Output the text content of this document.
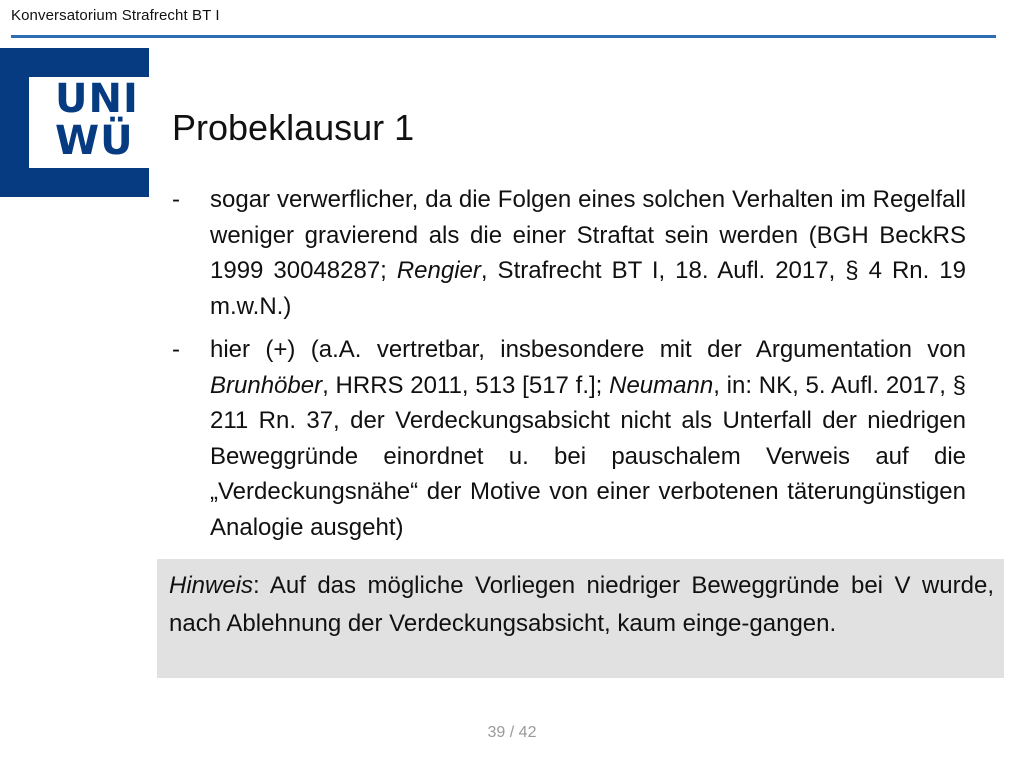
Konversatorium Strafrecht BT I
UNI
WÜ Probeklausur 1
- sogar verwerflicher, da die Folgen eines solchen Verhalten im Regelfall weniger gravierend als die einer Straftat sein werden (BGH BeckRS 1999 30048287; Rengier, Strafrecht BT I, 18. Aufl. 2017, § 4 Rn. 19 m.w.N.)
- hier (+) (a.A. vertretbar, insbesondere mit der Argumentation von Brunhöber, HRRS 2011, 513 [517 f.]; Neumann, in: NK, 5. Aufl. 2017, § 211 Rn. 37, der Verdeckungsabsicht nicht als Unterfall der niedrigen Beweggründe einordnet u. bei pauschalem Verweis auf die „Verdeckungsnähe“ der Motive von einer verbotenen täterungünstigen Analogie ausgeht)
Hinweis: Auf das mögliche Vorliegen niedriger Beweggründe bei V wurde, nach Ablehnung der Verdeckungsabsicht, kaum einge-gangen.
39 / 42
